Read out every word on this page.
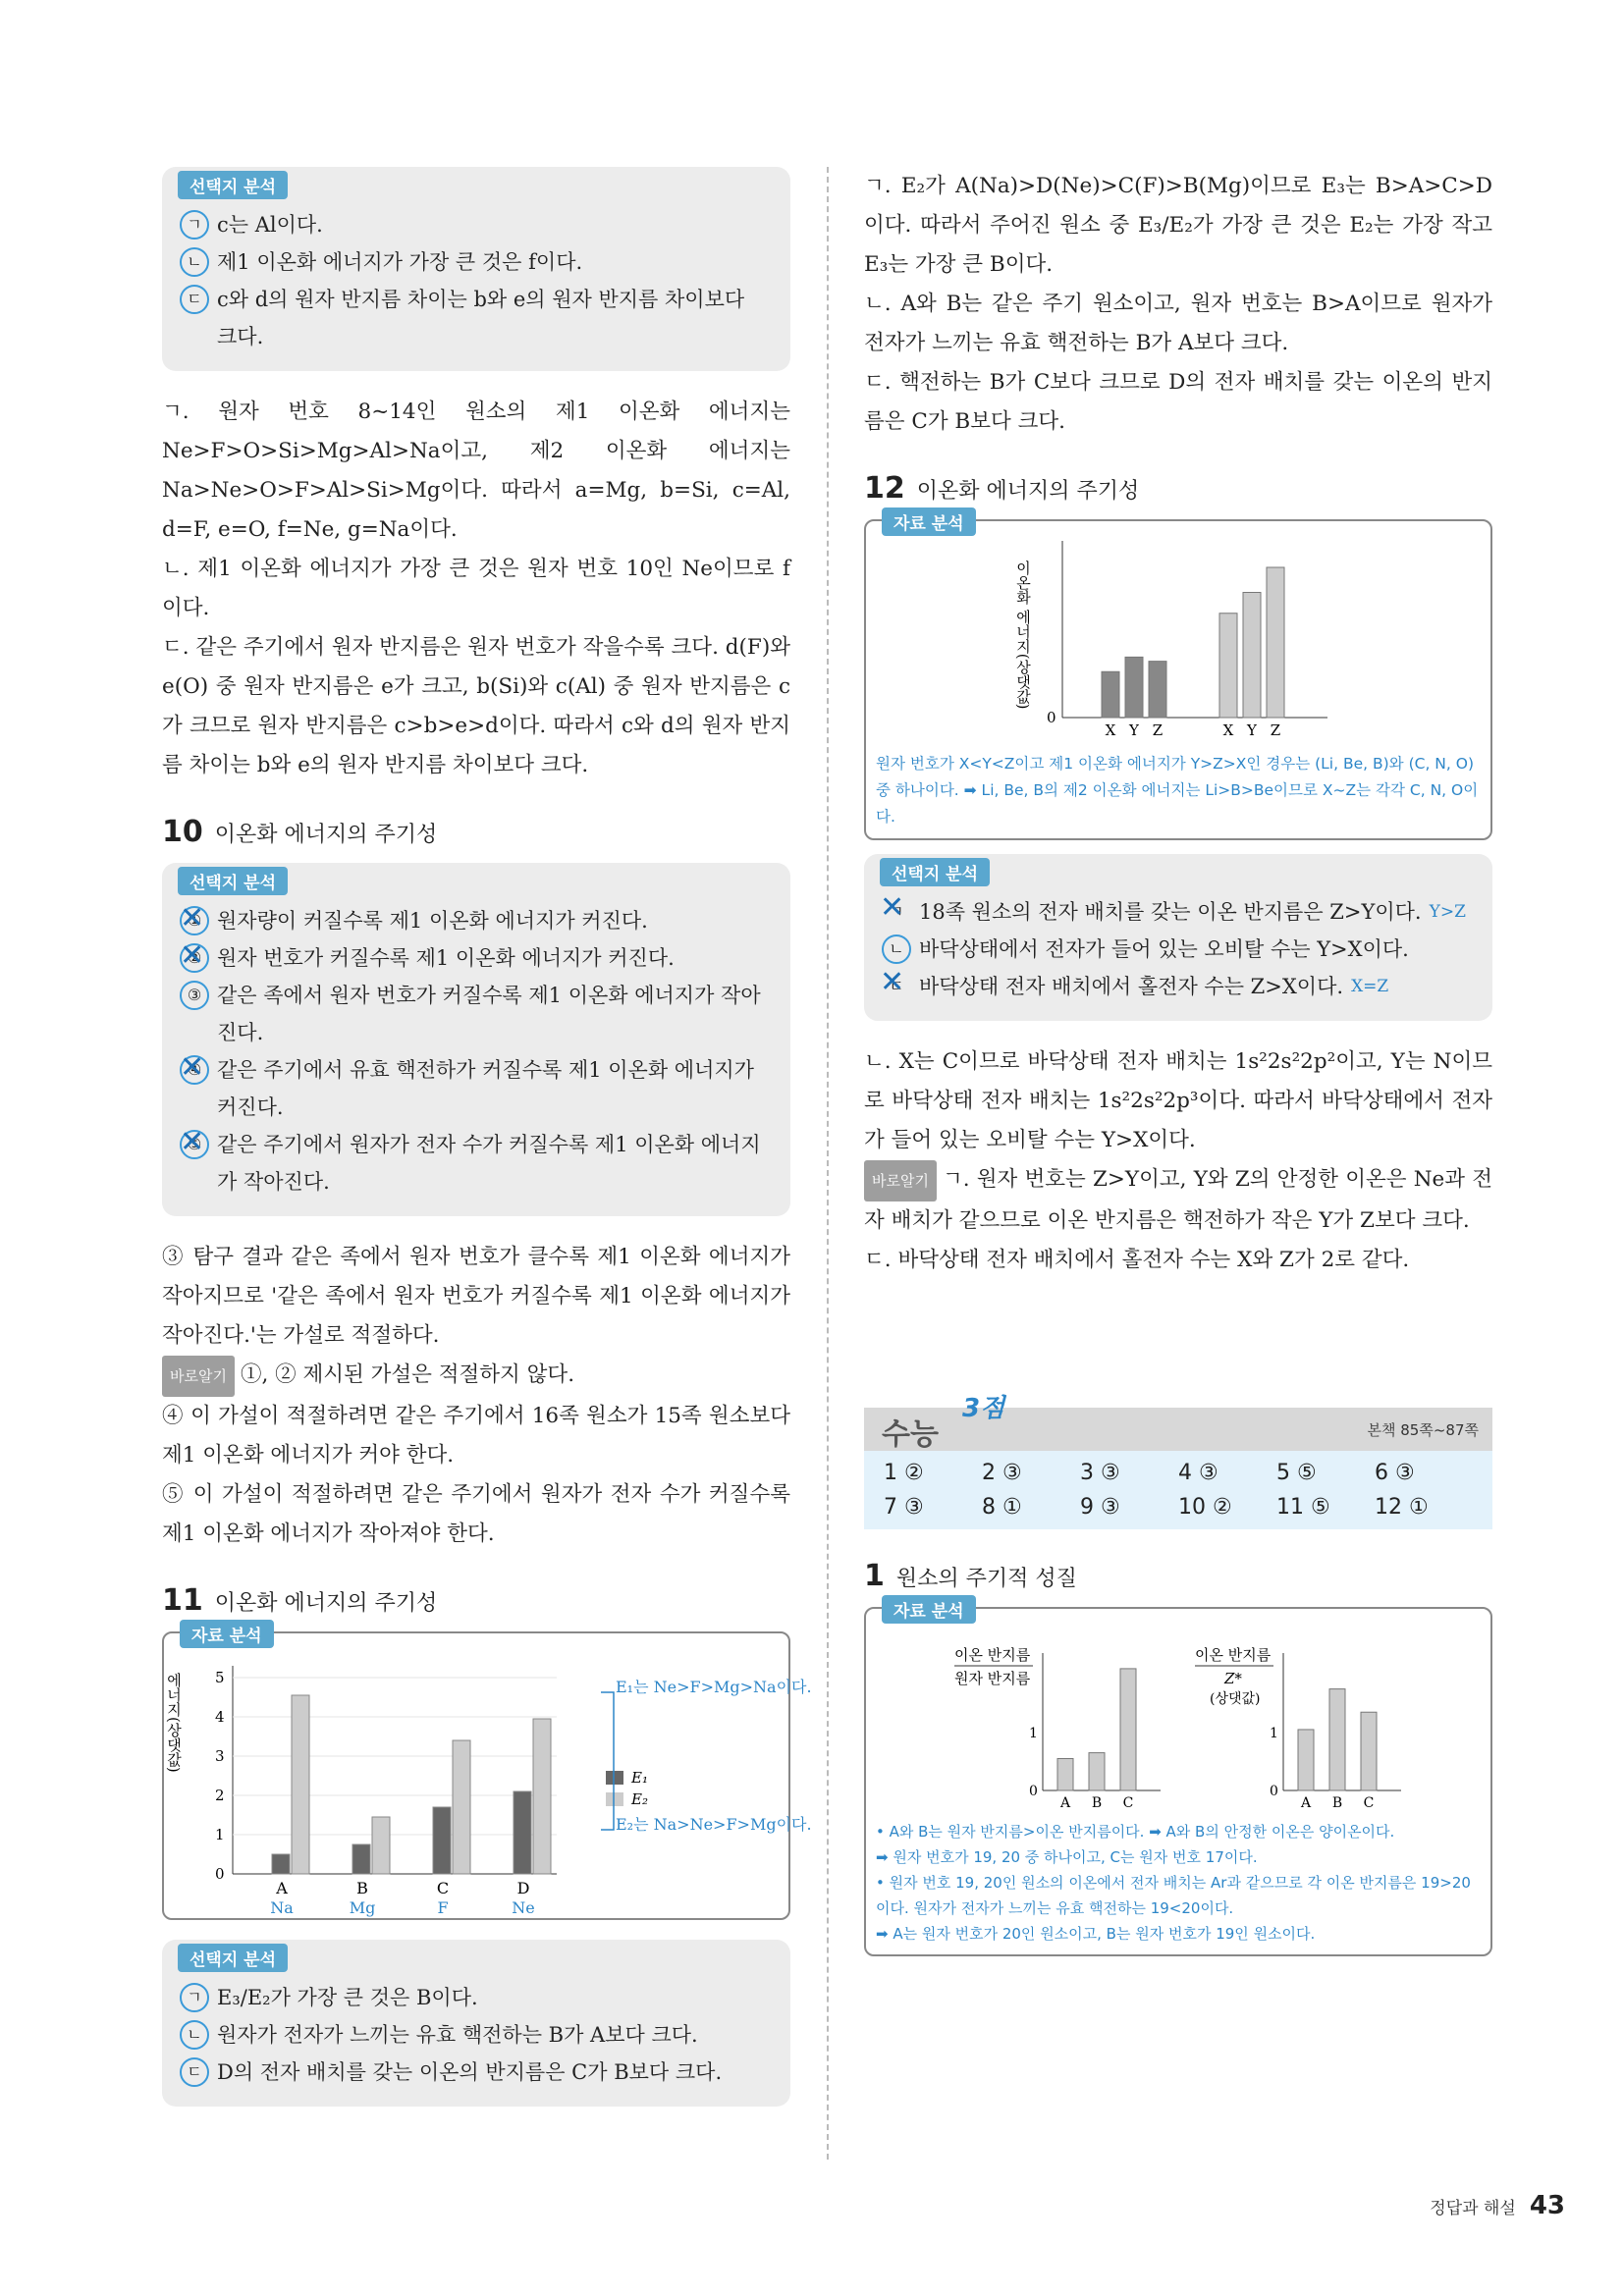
선택지 분석
ㄱ c는 Al이다.
ㄴ 제1 이온화 에너지가 가장 큰 것은 f이다.
ㄷ c와 d의 원자 반지름 차이는 b와 e의 원자 반지름 차이보다 크다.

ㄱ. 원자 번호 8~14인 원소의 제1 이온화 에너지는 Ne>F>O>Si>Mg>Al>Na이고, 제2 이온화 에너지는 Na>Ne>O>F>Al>Si>Mg이다. 따라서 a=Mg, b=Si, c=Al, d=F, e=O, f=Ne, g=Na이다.

ㄴ. 제1 이온화 에너지가 가장 큰 것은 원자 번호 10인 Ne이므로 f이다.

ㄷ. 같은 주기에서 원자 반지름은 원자 번호가 작을수록 크다. d(F)와 e(O) 중 원자 반지름은 e가 크고, b(Si)와 c(Al) 중 원자 반지름은 c가 크므로 원자 반지름은 c>b>e>d이다. 따라서 c와 d의 원자 반지름 차이는 b와 e의 원자 반지름 차이보다 크다.

10 이온화 에너지의 주기성
선택지 분석
① ✕ 원자량이 커질수록 제1 이온화 에너지가 커진다.
② ✕ 원자 번호가 커질수록 제1 이온화 에너지가 커진다.
③ 같은 족에서 원자 번호가 커질수록 제1 이온화 에너지가 작아진다.
④ ✕ 같은 주기에서 유효 핵전하가 커질수록 제1 이온화 에너지가 커진다.
⑤ ✕ 같은 주기에서 원자가 전자 수가 커질수록 제1 이온화 에너지가 작아진다.

③ 탐구 결과 같은 족에서 원자 번호가 클수록 제1 이온화 에너지가 작아지므로 '같은 족에서 원자 번호가 커질수록 제1 이온화 에너지가 작아진다.'는 가설로 적절하다.

바로알기 ①, ② 제시된 가설은 적절하지 않다.

④ 이 가설이 적절하려면 같은 주기에서 16족 원소가 15족 원소보다 제1 이온화 에너지가 커야 한다.

⑤ 이 가설이 적절하려면 같은 주기에서 원자가 전자 수가 커질수록 제1 이온화 에너지가 작아져야 한다.

11 이온화 에너지의 주기성
자료 분석
에너지(상댓값)
E₁
E₂
E₁는 Ne>F>Mg>Na이다.
E₂는 Na>Ne>F>Mg이다.
0
1
2
3
4
5
A
Na
B
Mg
C
F
D
Ne
선택지 분석
ㄱ E₃/E₂가 가장 큰 것은 B이다.
ㄴ 원자가 전자가 느끼는 유효 핵전하는 B가 A보다 크다.
ㄷ D의 전자 배치를 갖는 이온의 반지름은 C가 B보다 크다.

ㄱ. E₂가 A(Na)>D(Ne)>C(F)>B(Mg)이므로 E₃는 B>A>C>D이다. 따라서 주어진 원소 중 E₃/E₂가 가장 큰 것은 E₂는 가장 작고 E₃는 가장 큰 B이다.

ㄴ. A와 B는 같은 주기 원소이고, 원자 번호는 B>A이므로 원자가 전자가 느끼는 유효 핵전하는 B가 A보다 크다.

ㄷ. 핵전하는 B가 C보다 크므로 D의 전자 배치를 갖는 이온의 반지름은 C가 B보다 크다.

12 이온화 에너지의 주기성
자료 분석
이온화 에너지(상댓값)
0
X Y Z	X Y Z
원자 번호가 X<Y<Z이고 제1 이온화 에너지가 Y>Z>X인 경우는 (Li, Be, B)와 (C, N, O) 중 하나이다. ➡ Li, Be, B의 제2 이온화 에너지는 Li>B>Be이므로 X~Z는 각각 C, N, O이다.
선택지 분석
ㄱ ✕ 18족 원소의 전자 배치를 갖는 이온 반지름은 Z>Y이다. Y>Z
ㄴ 바닥상태에서 전자가 들어 있는 오비탈 수는 Y>X이다.
ㄷ ✕ 바닥상태 전자 배치에서 홀전자 수는 Z>X이다. X=Z

ㄴ. X는 C이므로 바닥상태 전자 배치는 1s²2s²2p²이고, Y는 N이므로 바닥상태 전자 배치는 1s²2s²2p³이다. 따라서 바닥상태에서 전자가 들어 있는 오비탈 수는 Y>X이다.

바로알기 ㄱ. 원자 번호는 Z>Y이고, Y와 Z의 안정한 이온은 Ne과 전자 배치가 같으므로 이온 반지름은 핵전하가 작은 Y가 Z보다 크다.

ㄷ. 바닥상태 전자 배치에서 홀전자 수는 X와 Z가 2로 같다.

수능
3점
본책 85쪽~87쪽
1 ②	2 ③	3 ③	4 ③	5 ⑤	6 ③
7 ③	8 ①	9 ③	10 ②	11 ⑤	12 ①
1 원소의 주기적 성질
자료 분석
이온 반지름
원자 반지름
이온 반지름
Z*
(상댓값)
0
1
A B C
0
1
A B C
• A와 B는 원자 반지름>이온 반지름이다. ➡ A와 B의 안정한 이온은 양이온이다.
➡ 원자 번호가 19, 20 중 하나이고, C는 원자 번호 17이다.
• 원자 번호 19, 20인 원소의 이온에서 전자 배치는 Ar과 같으므로 각 이온 반지름은 19>20이다. 원자가 전자가 느끼는 유효 핵전하는 19<20이다.
➡ A는 원자 번호가 20인 원소이고, B는 원자 번호가 19인 원소이다.
정답과 해설 43
